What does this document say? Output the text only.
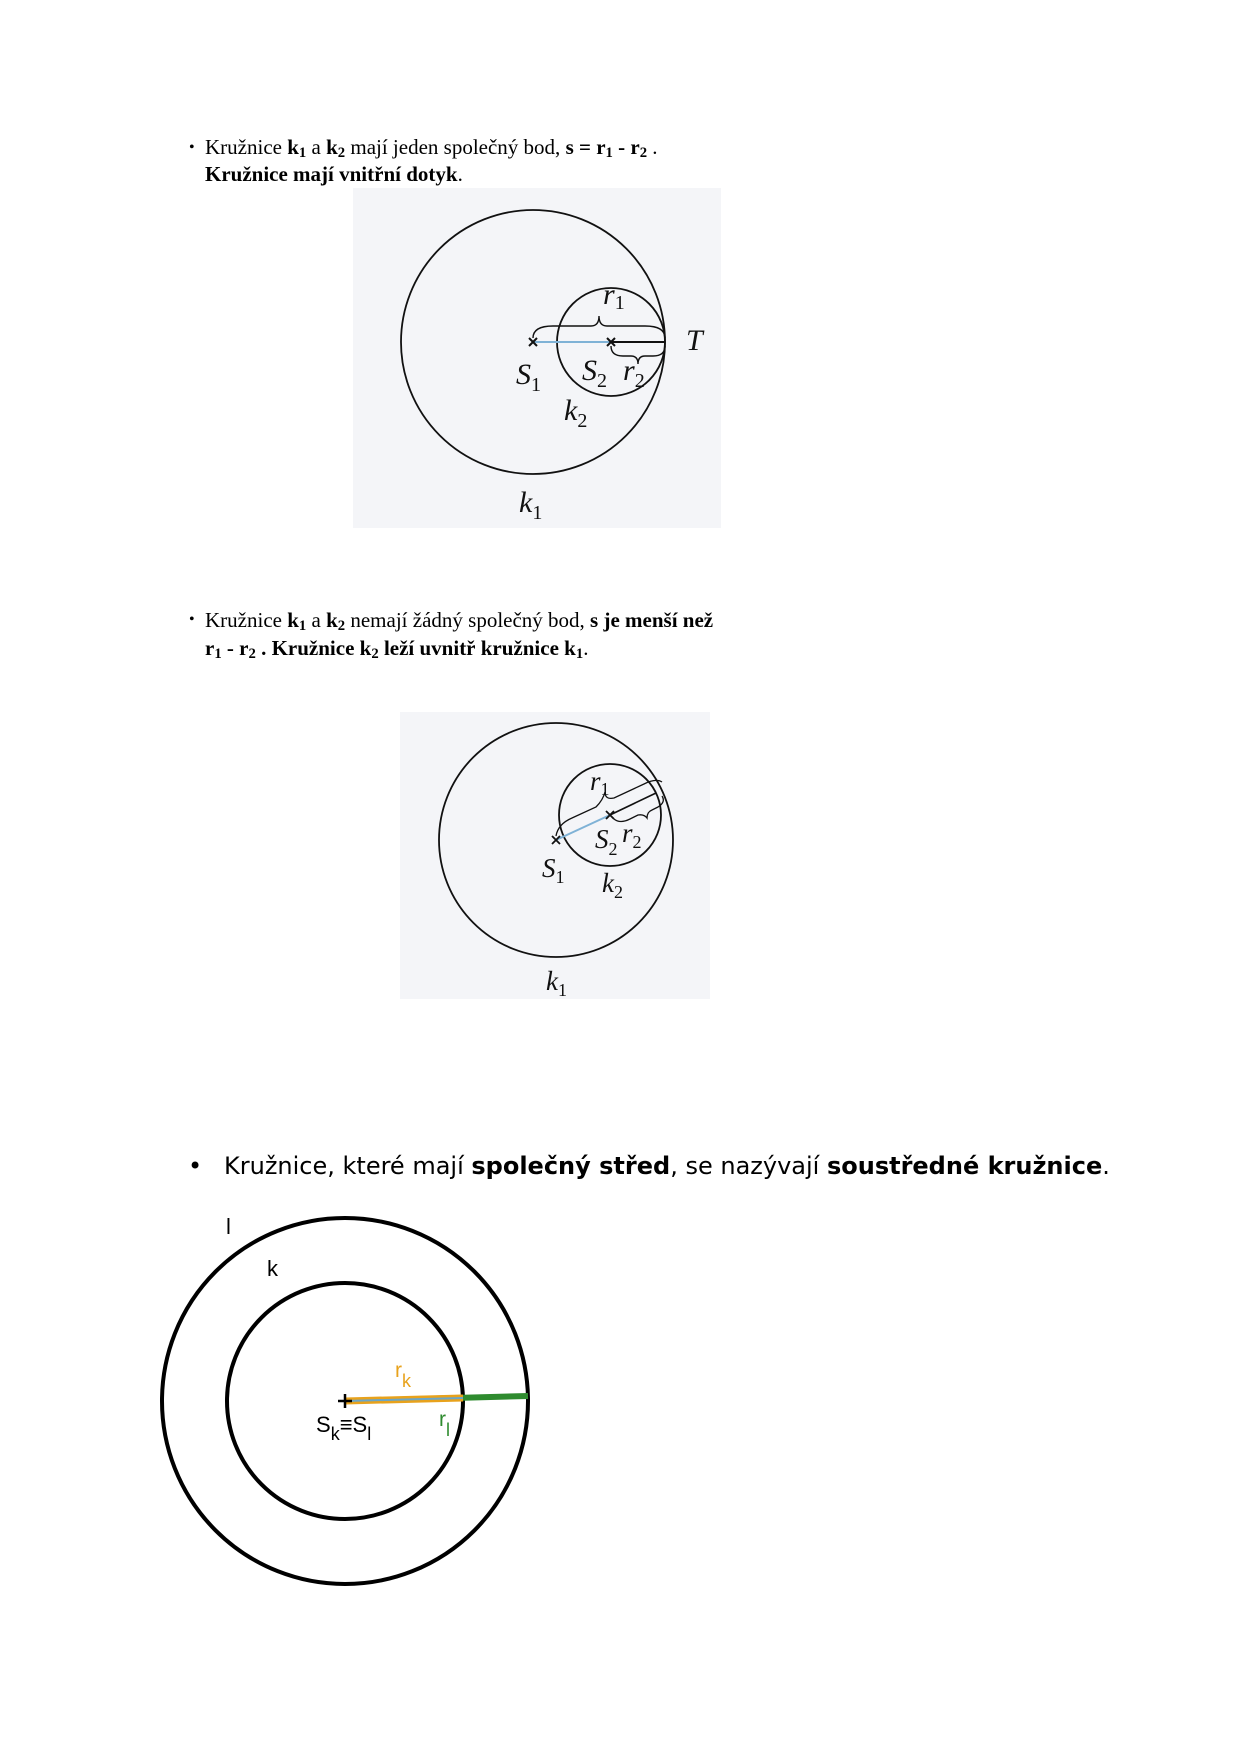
• Kružnice $k_1$ a $k_2$ mají jeden společný bod, $s = r_1 - r_2$ .
Kružnice mají vnitřní dotyk.
r1
T
$S_1$ $S_2$ $r_2$
$k_2$
$k_1$
• Kružnice $k_1$ a $k_2$ nemají žádný společný bod, s je menší než
$r_1 - r_2$ . Kružnice $k_2$ leží uvnitř kružnice $k_1$.
r1
$S_2$
$r_2$
$S_1$ $k_2$
$k_1$
• Kružnice, které mají společný střed, se nazývají soustředné kružnice.
l
k
rk
rl
$S_k\equiv S_l$
